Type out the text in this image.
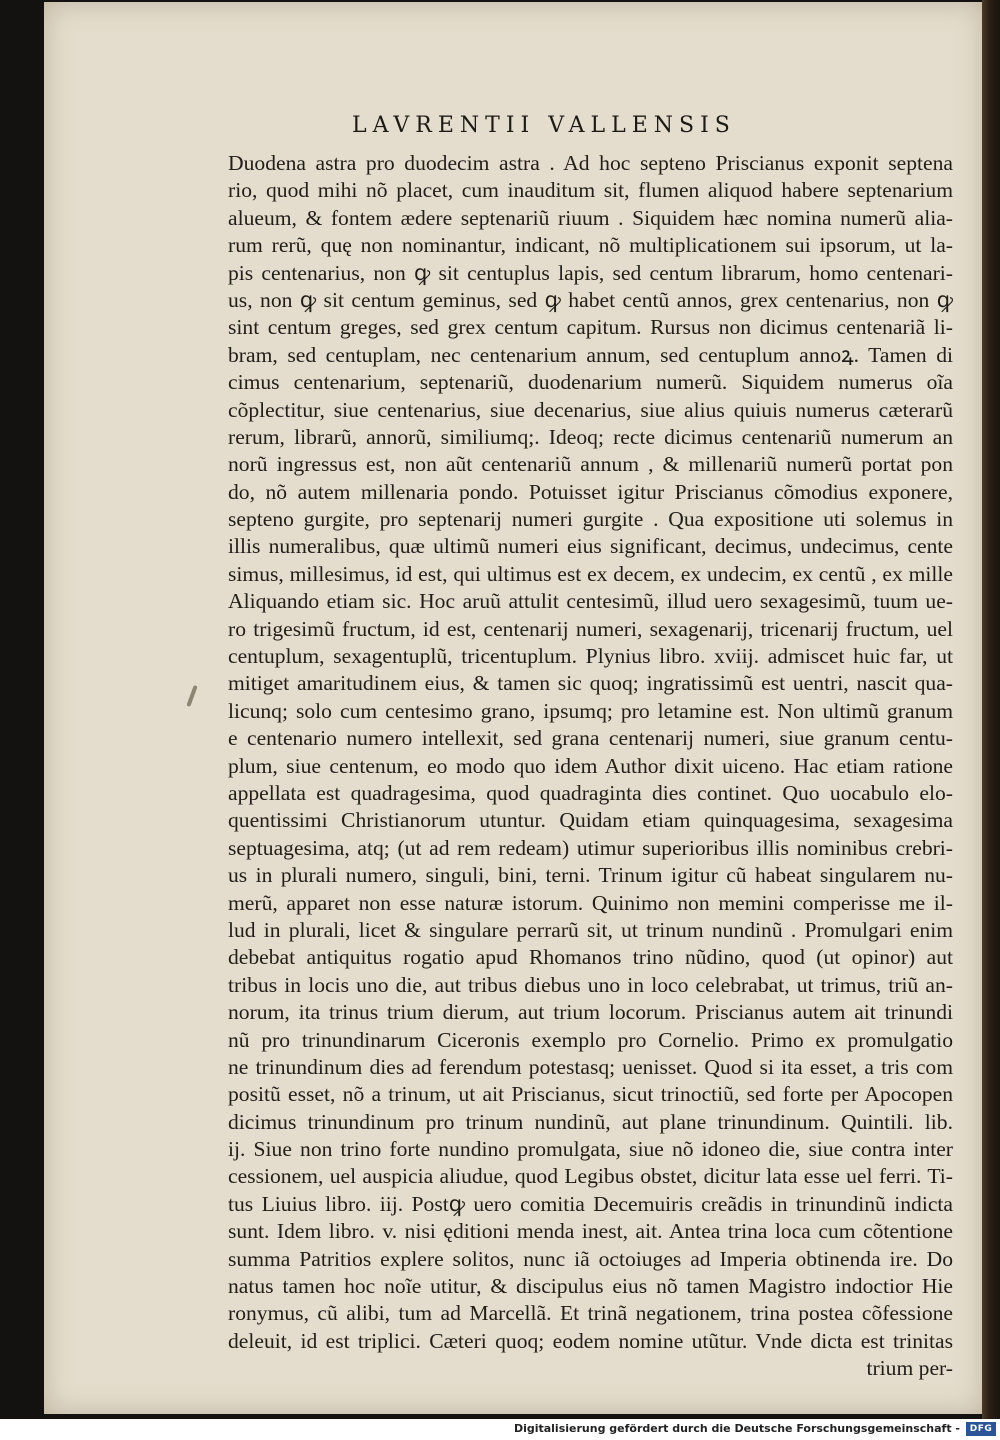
LAVRENTII VALLENSIS
Duodena astra pro duodecim astra . Ad hoc septeno Priscianus exponit septena
rio, quod mihi nõ placet, cum inauditum sit, flumen aliquod habere septenarium
alueum, & fontem ædere septenariũ riuum . Siquidem hæc nomina numerũ alia-
rum rerũ, quę non nominantur, indicant, nõ multiplicationem sui ipsorum, ut la-
pis centenarius, non ꝙ sit centuplus lapis, sed centum librarum, homo centenari-
us, non ꝙ sit centum geminus, sed ꝙ habet centũ annos, grex centenarius, non ꝙ
sint centum greges, sed grex centum capitum. Rursus non dicimus centenariã li-
bram, sed centuplam, nec centenarium annum, sed centuplum annoꝝ. Tamen di
cimus centenarium, septenariũ, duodenarium numerũ. Siquidem numerus oĩa
cõplectitur, siue centenarius, siue decenarius, siue alius quiuis numerus cæterarũ
rerum, librarũ, annorũ, similiumq;. Ideoq; recte dicimus centenariũ numerum an
norũ ingressus est, non aũt centenariũ annum , & millenariũ numerũ portat pon
do, nõ autem millenaria pondo. Potuisset igitur Priscianus cõmodius exponere,
septeno gurgite, pro septenarij numeri gurgite . Qua expositione uti solemus in
illis numeralibus, quæ ultimũ numeri eius significant, decimus, undecimus, cente
simus, millesimus, id est, qui ultimus est ex decem, ex undecim, ex centũ , ex mille
Aliquando etiam sic. Hoc aruũ attulit centesimũ, illud uero sexagesimũ, tuum ue-
ro trigesimũ fructum, id est, centenarij numeri, sexagenarij, tricenarij fructum, uel
centuplum, sexagentuplũ, tricentuplum. Plynius libro. xviij. admiscet huic far, ut
mitiget amaritudinem eius, & tamen sic quoq; ingratissimũ est uentri, nascit qua-
licunq; solo cum centesimo grano, ipsumq; pro letamine est. Non ultimũ granum
e centenario numero intellexit, sed grana centenarij numeri, siue granum centu-
plum, siue centenum, eo modo quo idem Author dixit uiceno. Hac etiam ratione
appellata est quadragesima, quod quadraginta dies continet. Quo uocabulo elo-
quentissimi Christianorum utuntur. Quidam etiam quinquagesima, sexagesima
septuagesima, atq; (ut ad rem redeam) utimur superioribus illis nominibus crebri-
us in plurali numero, singuli, bini, terni. Trinum igitur cũ habeat singularem nu-
merũ, apparet non esse naturæ istorum. Quinimo non memini comperisse me il-
lud in plurali, licet & singulare perrarũ sit, ut trinum nundinũ . Promulgari enim
debebat antiquitus rogatio apud Rhomanos trino nũdino, quod (ut opinor) aut
tribus in locis uno die, aut tribus diebus uno in loco celebrabat, ut trimus, triũ an-
norum, ita trinus trium dierum, aut trium locorum. Priscianus autem ait trinundi
nũ pro trinundinarum Ciceronis exemplo pro Cornelio. Primo ex promulgatio
ne trinundinum dies ad ferendum potestasq; uenisset. Quod si ita esset, a tris com
positũ esset, nõ a trinum, ut ait Priscianus, sicut trinoctiũ, sed forte per Apocopen
dicimus trinundinum pro trinum nundinũ, aut plane trinundinum. Quintili. lib.
ij. Siue non trino forte nundino promulgata, siue nõ idoneo die, siue contra inter
cessionem, uel auspicia aliudue, quod Legibus obstet, dicitur lata esse uel ferri. Ti-
tus Liuius libro. iij. Postꝙ uero comitia Decemuiris creãdis in trinundinũ indicta
sunt. Idem libro. v. nisi ęditioni menda inest, ait. Antea trina loca cum cõtentione
summa Patritios explere solitos, nunc iã octoiuges ad Imperia obtinenda ire. Do
natus tamen hoc noĩe utitur, & discipulus eius nõ tamen Magistro indoctior Hie
ronymus, cũ alibi, tum ad Marcellã. Et trinã negationem, trina postea cõfessione
deleuit, id est triplici. Cæteri quoq; eodem nomine utũtur. Vnde dicta est trinitas
trium per-
Digitalisierung gefördert durch die Deutsche Forschungsgemeinschaft -	DFG
